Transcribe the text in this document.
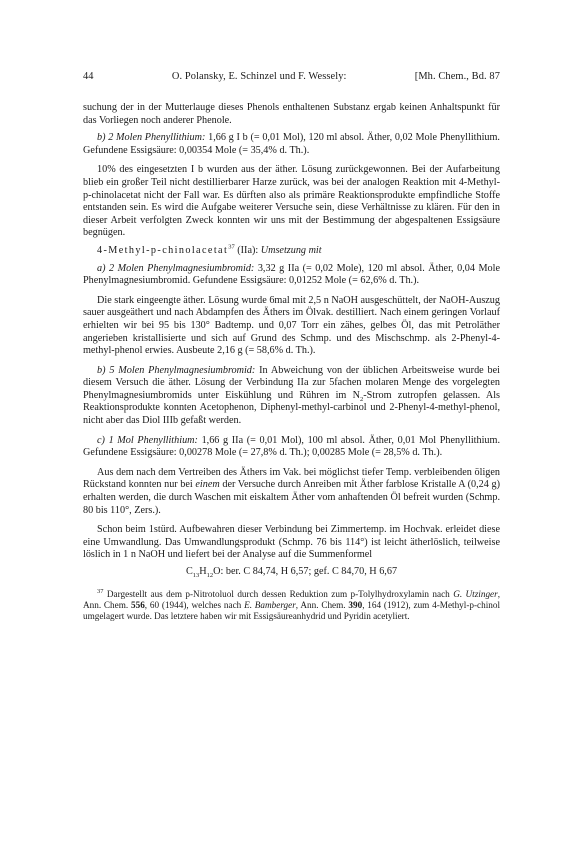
44	O. Polansky, E. Schinzel und F. Wessely:	[Mh. Chem., Bd. 87

suchung der in der Mutterlauge dieses Phenols enthaltenen Substanz ergab keinen Anhaltspunkt für das Vorliegen noch anderer Phenole.

b) 2 Molen Phenyllithium: 1,66 g I b (= 0,01 Mol), 120 ml absol. Äther, 0,02 Mole Phenyllithium. Gefundene Essigsäure: 0,00354 Mole (= 35,4% d. Th.).

10% des eingesetzten I b wurden aus der äther. Lösung zurückgewonnen. Bei der Aufarbeitung blieb ein großer Teil nicht destillierbarer Harze zurück, was bei der analogen Reaktion mit 4-Methyl-p-chinolacetat nicht der Fall war. Es dürften also als primäre Reaktionsprodukte empfindliche Stoffe entstanden sein. Es wird die Aufgabe weiterer Versuche sein, diese Verhältnisse zu klären. Für den in dieser Arbeit verfolgten Zweck konnten wir uns mit der Bestimmung der abgespaltenen Essigsäure begnügen.

4-Methyl-p-chinolacetat$^{37}$ (IIa): Umsetzung mit

a) 2 Molen Phenylmagnesiumbromid: 3,32 g IIa (= 0,02 Mole), 120 ml absol. Äther, 0,04 Mole Phenylmagnesiumbromid. Gefundene Essigsäure: 0,01252 Mole (= 62,6% d. Th.).

Die stark eingeengte äther. Lösung wurde 6mal mit 2,5 n NaOH ausgeschüttelt, der NaOH-Auszug sauer ausgeäthert und nach Abdampfen des Äthers im Ölvak. destilliert. Nach einem geringen Vorlauf erhielten wir bei 95 bis 130° Badtemp. und 0,07 Torr ein zähes, gelbes Öl, das mit Petroläther angerieben kristallisierte und sich auf Grund des Schmp. und des Mischschmp. als 2-Phenyl-4-methyl-phenol erwies. Ausbeute 2,16 g (= 58,6% d. Th.).

b) 5 Molen Phenylmagnesiumbromid: In Abweichung von der üblichen Arbeitsweise wurde bei diesem Versuch die äther. Lösung der Verbindung IIa zur 5fachen molaren Menge des vorgelegten Phenylmagnesiumbromids unter Eiskühlung und Rühren im $N_2$-Strom zutropfen gelassen. Als Reaktionsprodukte konnten Acetophenon, Diphenyl-methyl-carbinol und 2-Phenyl-4-methyl-phenol, nicht aber das Diol IIIb gefaßt werden.

c) 1 Mol Phenyllithium: 1,66 g IIa (= 0,01 Mol), 100 ml absol. Äther, 0,01 Mol Phenyllithium. Gefundene Essigsäure: 0,00278 Mole (= 27,8% d. Th.); 0,00285 Mole (= 28,5% d. Th.).

Aus dem nach dem Vertreiben des Äthers im Vak. bei möglichst tiefer Temp. verbleibenden öligen Rückstand konnten nur bei einem der Versuche durch Anreiben mit Äther farblose Kristalle A (0,24 g) erhalten werden, die durch Waschen mit eiskaltem Äther vom anhaftenden Öl befreit wurden (Schmp. 80 bis 110°, Zers.).

Schon beim 1stürd. Aufbewahren dieser Verbindung bei Zimmertemp. im Hochvak. erleidet diese eine Umwandlung. Das Umwandlungsprodukt (Schmp. 76 bis 114°) ist leicht ätherlöslich, teilweise löslich in 1 n NaOH und liefert bei der Analyse auf die Summenformel

$C_{13}H_{12}O$: ber. C 84,74, H 6,57; gef. C 84,70, H 6,67

$^{37}$ Dargestellt aus dem p-Nitrotoluol durch dessen Reduktion zum p-Tolylhydroxylamin nach G. Utzinger, Ann. Chem. 556, 60 (1944), welches nach E. Bamberger, Ann. Chem. 390, 164 (1912), zum 4-Methyl-p-chinol umgelagert wurde. Das letztere haben wir mit Essigsäureanhydrid und Pyridin acetyliert.
